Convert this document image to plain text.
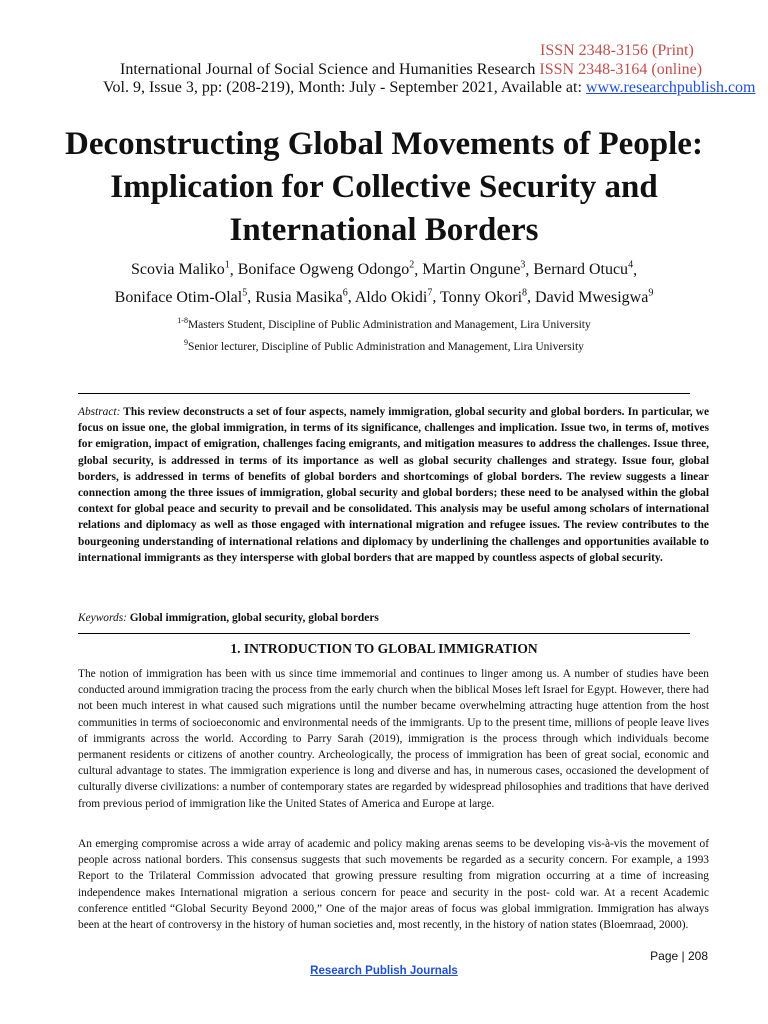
ISSN 2348-3156 (Print)
International Journal of Social Science and Humanities Research ISSN 2348-3164 (online)
Vol. 9, Issue 3, pp: (208-219), Month: July - September 2021, Available at: www.researchpublish.com
Deconstructing Global Movements of People:
Implication for Collective Security and
International Borders
Scovia Maliko$^1$, Boniface Ogweng Odongo$^2$, Martin Ongune$^3$, Bernard Otucu$^4$,
Boniface Otim-Olal$^5$, Rusia Masika$^6$, Aldo Okidi$^7$, Tonny Okori$^8$, David Mwesigwa$^9$
$^{1-8}$Masters Student, Discipline of Public Administration and Management, Lira University
$^9$Senior lecturer, Discipline of Public Administration and Management, Lira University
Abstract: This review deconstructs a set of four aspects, namely immigration, global security and global borders. In particular, we focus on issue one, the global immigration, in terms of its significance, challenges and implication. Issue two, in terms of, motives for emigration, impact of emigration, challenges facing emigrants, and mitigation measures to address the challenges. Issue three, global security, is addressed in terms of its importance as well as global security challenges and strategy. Issue four, global borders, is addressed in terms of benefits of global borders and shortcomings of global borders. The review suggests a linear connection among the three issues of immigration, global security and global borders; these need to be analysed within the global context for global peace and security to prevail and be consolidated. This analysis may be useful among scholars of international relations and diplomacy as well as those engaged with international migration and refugee issues. The review contributes to the bourgeoning understanding of international relations and diplomacy by underlining the challenges and opportunities available to international immigrants as they intersperse with global borders that are mapped by countless aspects of global security.
Keywords: Global immigration, global security, global borders
1. INTRODUCTION TO GLOBAL IMMIGRATION
The notion of immigration has been with us since time immemorial and continues to linger among us. A number of studies have been conducted around immigration tracing the process from the early church when the biblical Moses left Israel for Egypt. However, there had not been much interest in what caused such migrations until the number became overwhelming attracting huge attention from the host communities in terms of socioeconomic and environmental needs of the immigrants. Up to the present time, millions of people leave lives of immigrants across the world. According to Parry Sarah (2019), immigration is the process through which individuals become permanent residents or citizens of another country. Archeologically, the process of immigration has been of great social, economic and cultural advantage to states. The immigration experience is long and diverse and has, in numerous cases, occasioned the development of culturally diverse civilizations: a number of contemporary states are regarded by widespread philosophies and traditions that have derived from previous period of immigration like the United States of America and Europe at large.
An emerging compromise across a wide array of academic and policy making arenas seems to be developing vis-à-vis the movement of people across national borders. This consensus suggests that such movements be regarded as a security concern. For example, a 1993 Report to the Trilateral Commission advocated that growing pressure resulting from migration occurring at a time of increasing independence makes International migration a serious concern for peace and security in the post- cold war. At a recent Academic conference entitled “Global Security Beyond 2000,” One of the major areas of focus was global immigration. Immigration has always been at the heart of controversy in the history of human societies and, most recently, in the history of nation states (Bloemraad, 2000).
Page | 208
Research Publish Journals
